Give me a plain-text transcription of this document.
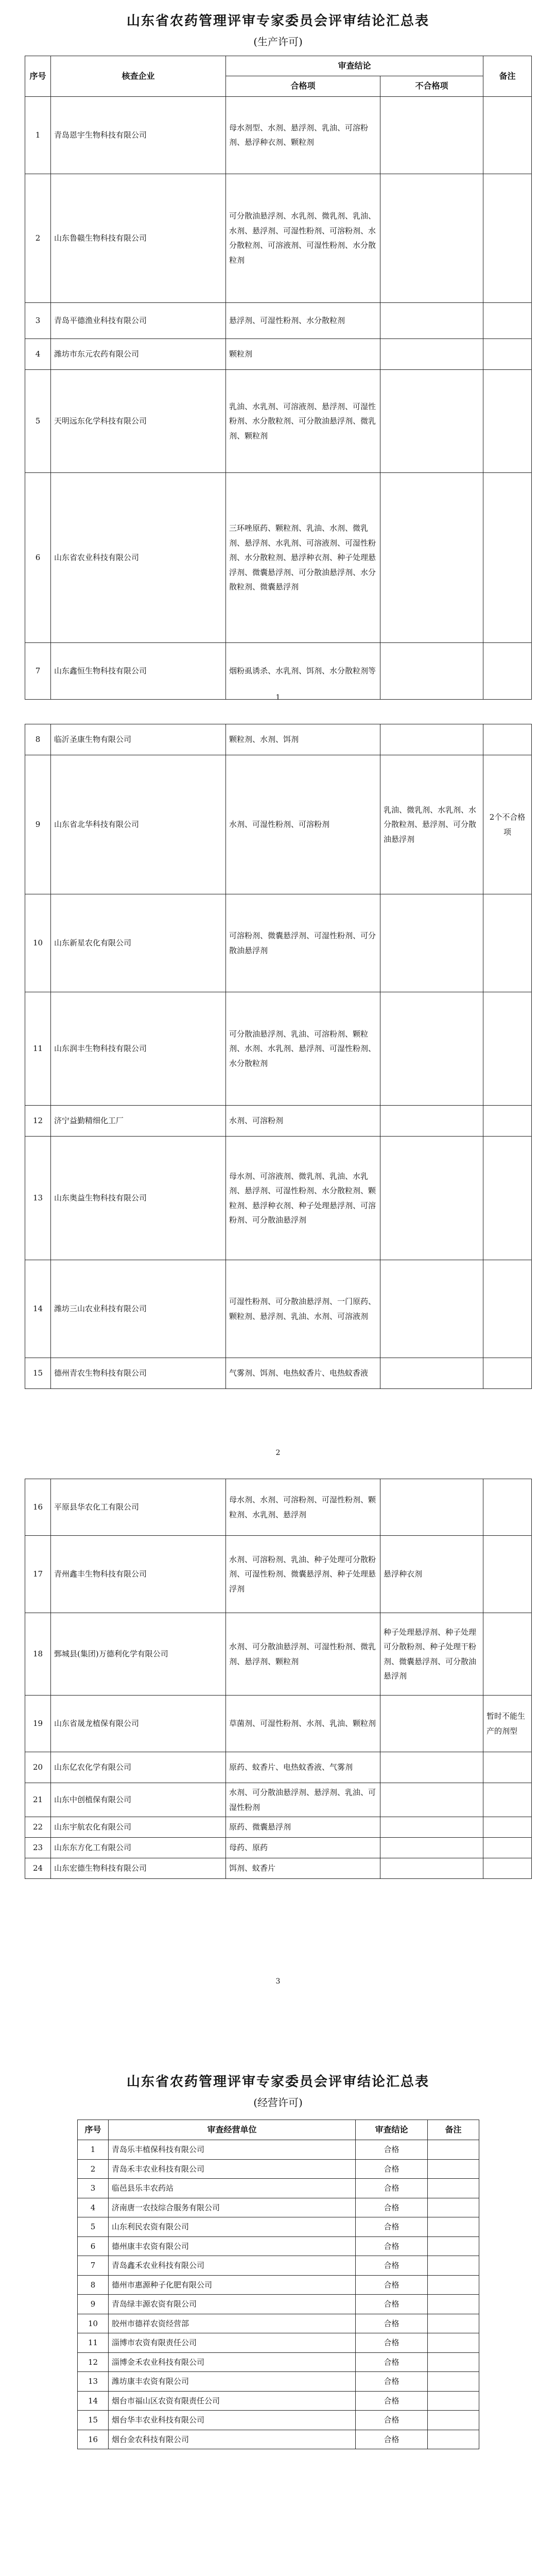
山东省农药管理评审专家委员会评审结论汇总表

(生产许可)

序号	核查企业	审查结论		备注
		合格项	不合格项	
1	青岛恩宇生物科技有限公司	母水剂型、水剂、悬浮剂、乳油、可溶粉剂、悬浮种衣剂、颗粒剂		
2	山东鲁赣生物科技有限公司	可分散油悬浮剂、水乳剂、微乳剂、乳油、水剂、悬浮剂、可湿性粉剂、可溶粉剂、水分散粒剂、可溶液剂、可湿性粉剂、水分散粒剂		
3	青岛平德渔业科技有限公司	悬浮剂、可湿性粉剂、水分散粒剂		
4	潍坊市东元农药有限公司	颗粒剂		
5	天明远东化学科技有限公司	乳油、水乳剂、可溶液剂、悬浮剂、可湿性粉剂、水分散粒剂、可分散油悬浮剂、微乳剂、颗粒剂		
6	山东省农业科技有限公司	三环唑原药、颗粒剂、乳油、水剂、微乳剂、悬浮剂、水乳剂、可溶液剂、可湿性粉剂、水分散粒剂、悬浮种衣剂、种子处理悬浮剂、微囊悬浮剂、可分散油悬浮剂、水分散粒剂、微囊悬浮剂		
7	山东鑫恒生物科技有限公司	烟粉虱诱杀、水乳剂、饵剂、水分散粒剂等		
1
8	临沂圣康生物有限公司	颗粒剂、水剂、饵剂		
9	山东省北华科技有限公司	水剂、可湿性粉剂、可溶粉剂	乳油、微乳剂、水乳剂、水分散粒剂、悬浮剂、可分散油悬浮剂	2个不合格项
10	山东新星农化有限公司	可溶粉剂、微囊悬浮剂、可湿性粉剂、可分散油悬浮剂		
11	山东润丰生物科技有限公司	可分散油悬浮剂、乳油、可溶粉剂、颗粒剂、水剂、水乳剂、悬浮剂、可湿性粉剂、水分散粒剂		
12	济宁益勤精细化工厂	水剂、可溶粉剂		
13	山东奥益生物科技有限公司	母水剂、可溶液剂、微乳剂、乳油、水乳剂、悬浮剂、可湿性粉剂、水分散粒剂、颗粒剂、悬浮种衣剂、种子处理悬浮剂、可溶粉剂、可分散油悬浮剂		
14	潍坊三山农业科技有限公司	可湿性粉剂、可分散油悬浮剂、一门原药、颗粒剂、悬浮剂、乳油、水剂、可溶液剂		
15	德州青农生物科技有限公司	气雾剂、饵剂、电热蚊香片、电热蚊香液		
2
16	平原县华农化工有限公司	母水剂、水剂、可溶粉剂、可湿性粉剂、颗粒剂、水乳剂、悬浮剂		
17	青州鑫丰生物科技有限公司	水剂、可溶粉剂、乳油、种子处理可分散粉剂、可湿性粉剂、微囊悬浮剂、种子处理悬浮剂	悬浮种衣剂	
18	鄄城县(集团)万德利化学有限公司	水剂、可分散油悬浮剂、可湿性粉剂、微乳剂、悬浮剂、颗粒剂	种子处理悬浮剂、种子处理可分散粉剂、种子处理干粉剂、微囊悬浮剂、可分散油悬浮剂	
19	山东省晟龙植保有限公司	草菌剂、可湿性粉剂、水剂、乳油、颗粒剂		暂时不能生产的剂型
20	山东亿农化学有限公司	原药、蚊香片、电热蚊香液、气雾剂		
21	山东中创植保有限公司	水剂、可分散油悬浮剂、悬浮剂、乳油、可湿性粉剂		
22	山东宇航农化有限公司	原药、微囊悬浮剂		
23	山东东方化工有限公司	母药、原药		
24	山东宏德生物科技有限公司	饵剂、蚊香片		
3
山东省农药管理评审专家委员会评审结论汇总表

(经营许可)

序号	审查经营单位	审查结论	备注
1	青岛乐丰植保科技有限公司	合格	
2	青岛禾丰农业科技有限公司	合格	
3	临邑县乐丰农药站	合格	
4	济南唐一农技综合服务有限公司	合格	
5	山东利民农资有限公司	合格	
6	德州康丰农资有限公司	合格	
7	青岛鑫禾农业科技有限公司	合格	
8	德州市惠源种子化肥有限公司	合格	
9	青岛绿丰源农资有限公司	合格	
10	胶州市德祥农资经营部	合格	
11	淄博市农资有限责任公司	合格	
12	淄博金禾农业科技有限公司	合格	
13	潍坊康丰农资有限公司	合格	
14	烟台市福山区农资有限责任公司	合格	
15	烟台华丰农业科技有限公司	合格	
16	烟台金农科技有限公司	合格	
